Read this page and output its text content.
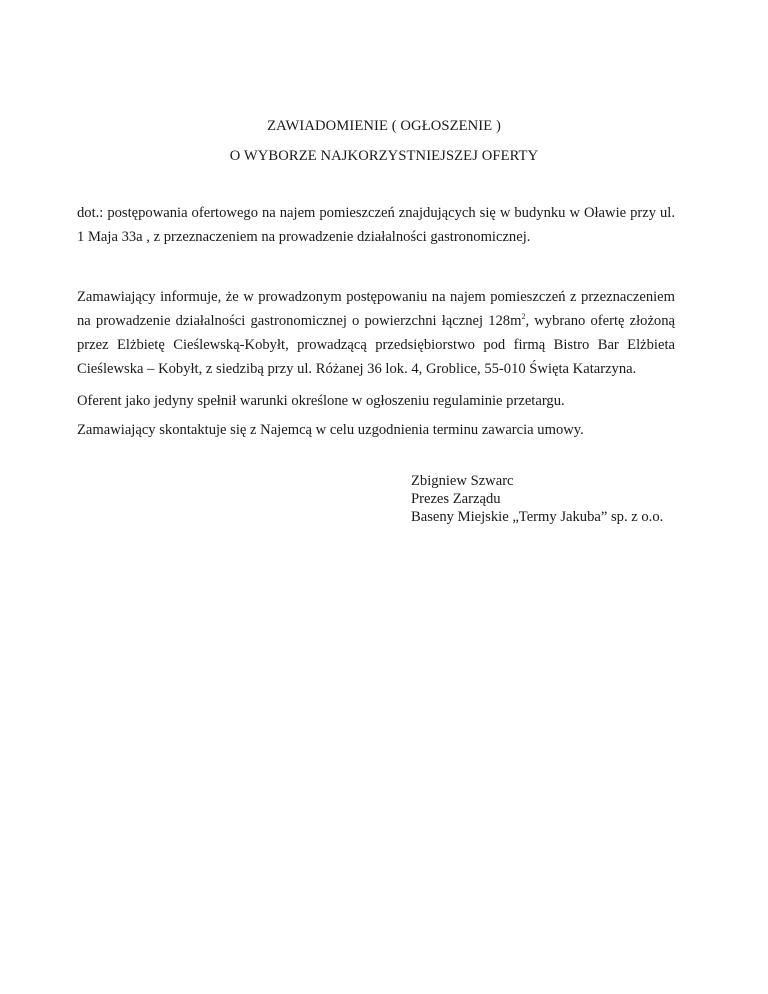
ZAWIADOMIENIE ( OGŁOSZENIE )
O WYBORZE NAJKORZYSTNIEJSZEJ OFERTY
dot.: postępowania ofertowego na najem pomieszczeń znajdujących się w budynku w Oławie przy ul. 1 Maja 33a , z przeznaczeniem na prowadzenie działalności gastronomicznej.
Zamawiający informuje, że w prowadzonym postępowaniu na najem pomieszczeń z przeznaczeniem na prowadzenie działalności gastronomicznej o powierzchni łącznej $128m^2$, wybrano ofertę złożoną przez Elżbietę Cieślewską-Kobyłt, prowadzącą przedsiębiorstwo pod firmą Bistro Bar Elżbieta Cieślewska – Kobyłt, z siedzibą przy ul. Różanej 36 lok. 4, Groblice, 55-010 Święta Katarzyna.
Oferent jako jedyny spełnił warunki określone w ogłoszeniu regulaminie przetargu.
Zamawiający skontaktuje się z Najemcą w celu uzgodnienia terminu zawarcia umowy.
Zbigniew Szwarc
Prezes Zarządu
Baseny Miejskie „Termy Jakuba” sp. z o.o.
